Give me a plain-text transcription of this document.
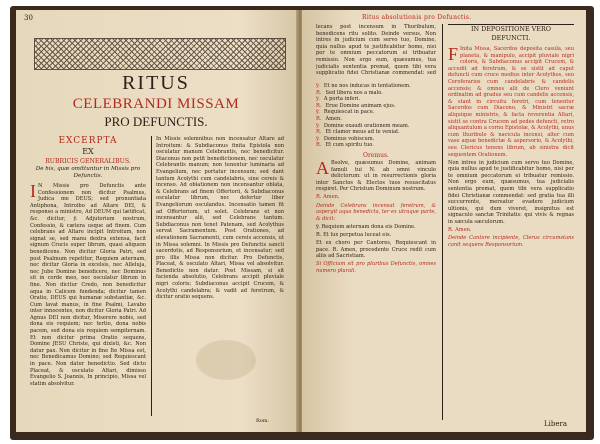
30
RITUS
CELEBRANDI MISSAM
PRO DEFUNCTIS.
EXCERPTA
EX
RUBRICIS GENERALIBUS.
De his, quæ omittuntur in Missis pro Defunctis.

I N Missis pro Defunctis ante Confessionem non dicitur Psalmus, Judica me DEUS; sed pronuntiata Antiphona, Introibo ad Altare DEI, & responso a ministro, Ad DEUM qui lætificat, &c. dicitur, ÿ. Adjutorium nostrum, Confessio, & cætera usque ad finem. Cum celebrans ad Altare incipit Introitum, non signat se, sed manu dextra extensa, facit signum Crucis super librum, quasi aliquem benedicens. Non dicitur Gloria Patri, sed post Psalmum repetitur, Requiem æternam, nec dicitur Gloria in excelsis, nec Alleluja, nec Jube Domine benedicere, nec Dominus sit in corde meo, nec osculatur librum in fine. Non dicitur Credo, non benedicitur aqua in Calicem fundenda; dicitur tamen Oratio, DEUS qui humanæ substantiæ, &c. Cum lavat manus, in fine Psalmi, Lavabo inter innocentes, non dicitur Gloria Patri. Ad Agnus DEI non dicitur, Miserere nobis, sed dona eis requiem; nec tertio, dona nobis pacem, sed dona eis requiem sempiternam. Et non dicitur prima Oratio sequens, Domine JESU Christe, qui dixisti, &c. Non datur pax. Non dicitur in fine Ite Missa est, nec Benedicamus Domino; sed Requiescant in pace. Non datur benedictio. Sed dicto Placeat, & osculato Altari, dimisso Evangelio S. Joannis, In principio, Missa vel statim absolvitur.

In Missis solemnibus non incensatur Altare ad Introitum: & Subdiaconus finita Epistola non osculatur manum Celebrantis, nec benedicitur. Diaconus non petit benedictionem, nec osculatur Celebrantis manum; non tenentur luminaria ad Evangelium, nec portatur incensum; sed dant tantum Acolythi cum candelabris, sine cereis & incenso. Ad oblationem non incensantur oblata, & Celebrans ad finem Offertorii, & Subdiaconus osculatur librum, nec defertur liber Evangeliorum osculandus. Incensatio tamen fit ad Offertorium, ut solet. Celebrans et non incensantur alii, sed Celebrans tantum. Subdiaconus non tenet Patenam, sed Acolythus servat Sacramentum. Post Orationes, ad elevationem Sacramenti, cum cereis accensis, ut in Missa solemni. In Missis pro Defunctis sancti sacerdotis, ad Responsorium, et incensatur; sed pro illis Missa non dicitur. Pro Defunctis, Placeat, & osculato Altari, Missa vel absolvitur. Benedictio non datur. Post Missam, si sit facienda absolutio, Celebrans accipit pluviale nigri coloris; Subdiaconus accipit Crucem, & Acolythi candelabra; & vadit ad feretrum, & dicitur oratio sequens.

Rom.
Ritus absolutionis pro Defunctis.

lecans post incensum in Thuribulum, benedicens ritu solito. Deinde versus, Non intres in judicium cum servo tuo, Domine, quia nullus apud te justificabitur homo, nisi per te omnium peccatorum ei tribuatur remissio. Non ergo eum, quæsumus, tua judicialis sententia premat, quem tibi vera supplicatio fidei Christianæ commendat: sed

ÿ. Et ne nos inducas in tentationem.
R. Sed libera nos a malo.
ÿ. A porta inferi.
R. Erue Domine animam ejus.
ÿ. Requiescat in pace.
R. Amen.
ÿ. Domine exaudi orationem meam.
R. Et clamor meus ad te veniat.
ÿ. Dominus vobiscum.
R. Et cum spiritu tuo.
Oremus.

A Bsolve, quæsumus Domine, animam famuli tui N. ab omni vinculo delictorum: ut in resurrectionis gloria inter Sanctos & Electos tuos resuscitatus respiret. Per Christum Dominum nostrum.

R. Amen.

Deinde Celebrans incensat feretrum, & aspergit aqua benedicta, ter ex utraque parte, & dicit:

ÿ. Requiem æternam dona eis Domine.

R. Et lux perpetua luceat eis.

Et ex choro per Cantores, Requiescant in pace. R. Amen, procedente Cruce redit cum aliis ad Sacristiam.

Si Officium sit pro pluribus Defunctis, omnes numero plurali.

IN DEPOSITIONE VERO
DEFUNCTI.

F Inita Missa, Sacerdos deposita casula, seu planeta, & manipulo, accipit pluviale nigri coloris, & Subdiaconus accipit Crucem, & accedit ad feretrum, & se sistit ad caput defuncti cum cruce medius inter Acolythos, seu Ceroferarios cum candelabris & candelis accensis; & omnes alii de Clero veniunt ordinatim ad gradus seu cum candelis accensis, & stant in circuitu feretri, cum tenentur Sacerdos cum Diacono, & Ministri sacræ aliquique ministris, & facta reverentia Altari, sistit se contra Crucem ad pedes defuncti, retro aliquantulum a cornu Epistolæ, & Acolythi, unus cum thuribulo & navicula incensi, alter cum vase aquæ benedictæ & aspersorio, & Acolythi, seu Clericus tenens librum, ab sinistra dicit sequentem Orationem.

Non intres in judicium cum servo tuo Domine, quia nullus apud te justificabitur homo, nisi per te omnium peccatorum ei tribuatur remissio. Non ergo eum, quæsumus, tua judicialis sententia premat, quem tibi vera supplicatio fidei Christianæ commendat: sed gratia tua illi succurrente, mereatur evadere judicium ultionis, qui dum viveret, insignitus est signaculo sanctæ Trinitatis: qui vivis & regnas in sæcula sæculorum.

R. Amen.

Deinde Cantore incipiente, Clerus circumstans canit sequens Responsorium.

Libera
